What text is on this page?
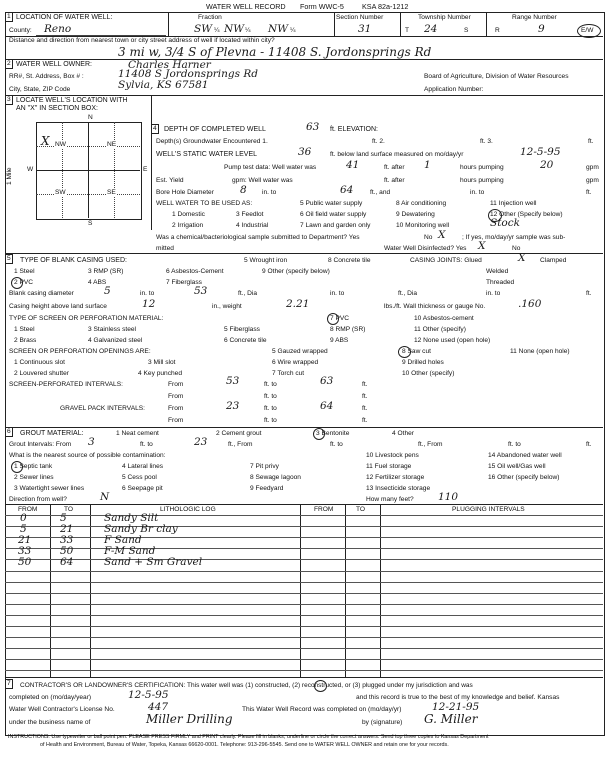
WATER WELL RECORD Form WWC-5	KSA 82a-1212
1 LOCATION OF WATER WELL:
County: Reno
Fraction
SW ¼ NW ¼ NW ¼
Section Number
31
Township Number
T 24	S
Range Number
R	9	E/W
Distance and direction from nearest town or city street address of well if located within city?
3 mi w, 3/4 S of Plevna - 11408 S. Jordonsprings Rd
2 WATER WELL OWNER:	Charles Harner
RR#, St. Address, Box # :	11408 S Jordonsprings Rd	Board of Agriculture, Division of Water Resources
City, State, ZIP Code	Sylvia, KS 67581	Application Number:
3 LOCATE WELL'S LOCATION WITH
AN "X" IN SECTION BOX:
N
S
W	E
1 Mile
NW	NE
SW	SE
X
4 DEPTH OF COMPLETED WELL	63 ft. ELEVATION:
Depth(s) Groundwater Encountered 1.	ft. 2.	ft. 3.	ft.
WELL'S STATIC WATER LEVEL	36	ft. below land surface measured on mo/day/yr	12-5-95
Pump test data: Well water was	41	ft. after 1	hours pumping	20	gpm
Est. Yield	gpm: Well water was	ft. after	hours pumping	gpm
Bore Hole Diameter 8 in. to	64	ft., and	in. to	ft.
WELL WATER TO BE USED AS:	5 Public water supply	8 Air conditioning	11 Injection well
1 Domestic	3 Feedlot	6 Oil field water supply	9 Dewatering	12 Other (Specify below)
2 Irrigation	4 Industrial	7 Lawn and garden only	10 Monitoring well	Stock
Was a chemical/bacteriological sample submitted to Department? Yes	No X	; If yes, mo/day/yr sample was sub-
mitted	Water Well Disinfected? Yes X	No
5 TYPE OF BLANK CASING USED:	5 Wrought iron	8 Concrete tile	CASING JOINTS: Glued	X Clamped
1 Steel	3 RMP (SR)	6 Asbestos-Cement	9 Other (specify below)	Welded
2 PVC	4 ABS	7 Fiberglass	Threaded
Blank casing diameter	5	in. to	53	ft., Dia	in. to	ft., Dia	in. to	ft.
Casing height above land surface	12	in., weight	2.21	lbs./ft. Wall thickness or gauge No.	.160
TYPE OF SCREEN OR PERFORATION MATERIAL:	7 PVC	10 Asbestos-cement
1 Steel	3 Stainless steel	5 Fiberglass	8 RMP (SR)	11 Other (specify)
2 Brass	4 Galvanized steel	6 Concrete tile	9 ABS	12 None used (open hole)
SCREEN OR PERFORATION OPENINGS ARE:	5 Gauzed wrapped	8 Saw cut	11 None (open hole)
1 Continuous slot	3 Mill slot	6 Wire wrapped	9 Drilled holes
2 Louvered shutter	4 Key punched	7 Torch cut	10 Other (specify)
SCREEN-PERFORATED INTERVALS:	From	53	ft. to	63	ft.
From	ft. to	ft.
GRAVEL PACK INTERVALS:	From	23	ft. to	64	ft.
From	ft. to	ft.
6 GROUT MATERIAL:	1 Neat cement	2 Cement grout	3 Bentonite	4 Other
Grout Intervals: From 3	ft. to	23	ft., From	ft. to	ft., From	ft. to	ft.
What is the nearest source of possible contamination:	10 Livestock pens	14 Abandoned water well
1 Septic tank	4 Lateral lines	7 Pit privy	11 Fuel storage	15 Oil well/Gas well
2 Sewer lines	5 Cess pool	8 Sewage lagoon	12 Fertilizer storage	16 Other (specify below)
3 Watertight sewer lines	6 Seepage pit	9 Feedyard	13 Insecticide storage
Direction from well?	N	How many feet? 110
FROM	TO	LITHOLOGIC LOG	FROM	TO	PLUGGING INTERVALS
0	5	Sandy Silt
5	21	Sandy Br clay
21	33	F Sand
33	50	F-M Sand
50	64	Sand + Sm Gravel
7	CONTRACTOR'S OR LANDOWNER'S CERTIFICATION: This water well was (1) constructed, (2) reconstructed, or (3) plugged under my jurisdiction and was
completed on (mo/day/year)	12-5-95	and this record is true to the best of my knowledge and belief. Kansas
Water Well Contractor's License No.	447	This Water Well Record was completed on (mo/day/yr)	12-21-95
under the business name of	Miller Drilling	by (signature) G. Miller
INSTRUCTIONS: Use typewriter or ball point pen. PLEASE PRESS FIRMLY and PRINT clearly. Please fill in blanks, underline or circle the correct answers. Send top three copies to Kansas Department
of Health and Environment, Bureau of Water, Topeka, Kansas 66620-0001. Telephone: 913-296-5545. Send one to WATER WELL OWNER and retain one for your records.
